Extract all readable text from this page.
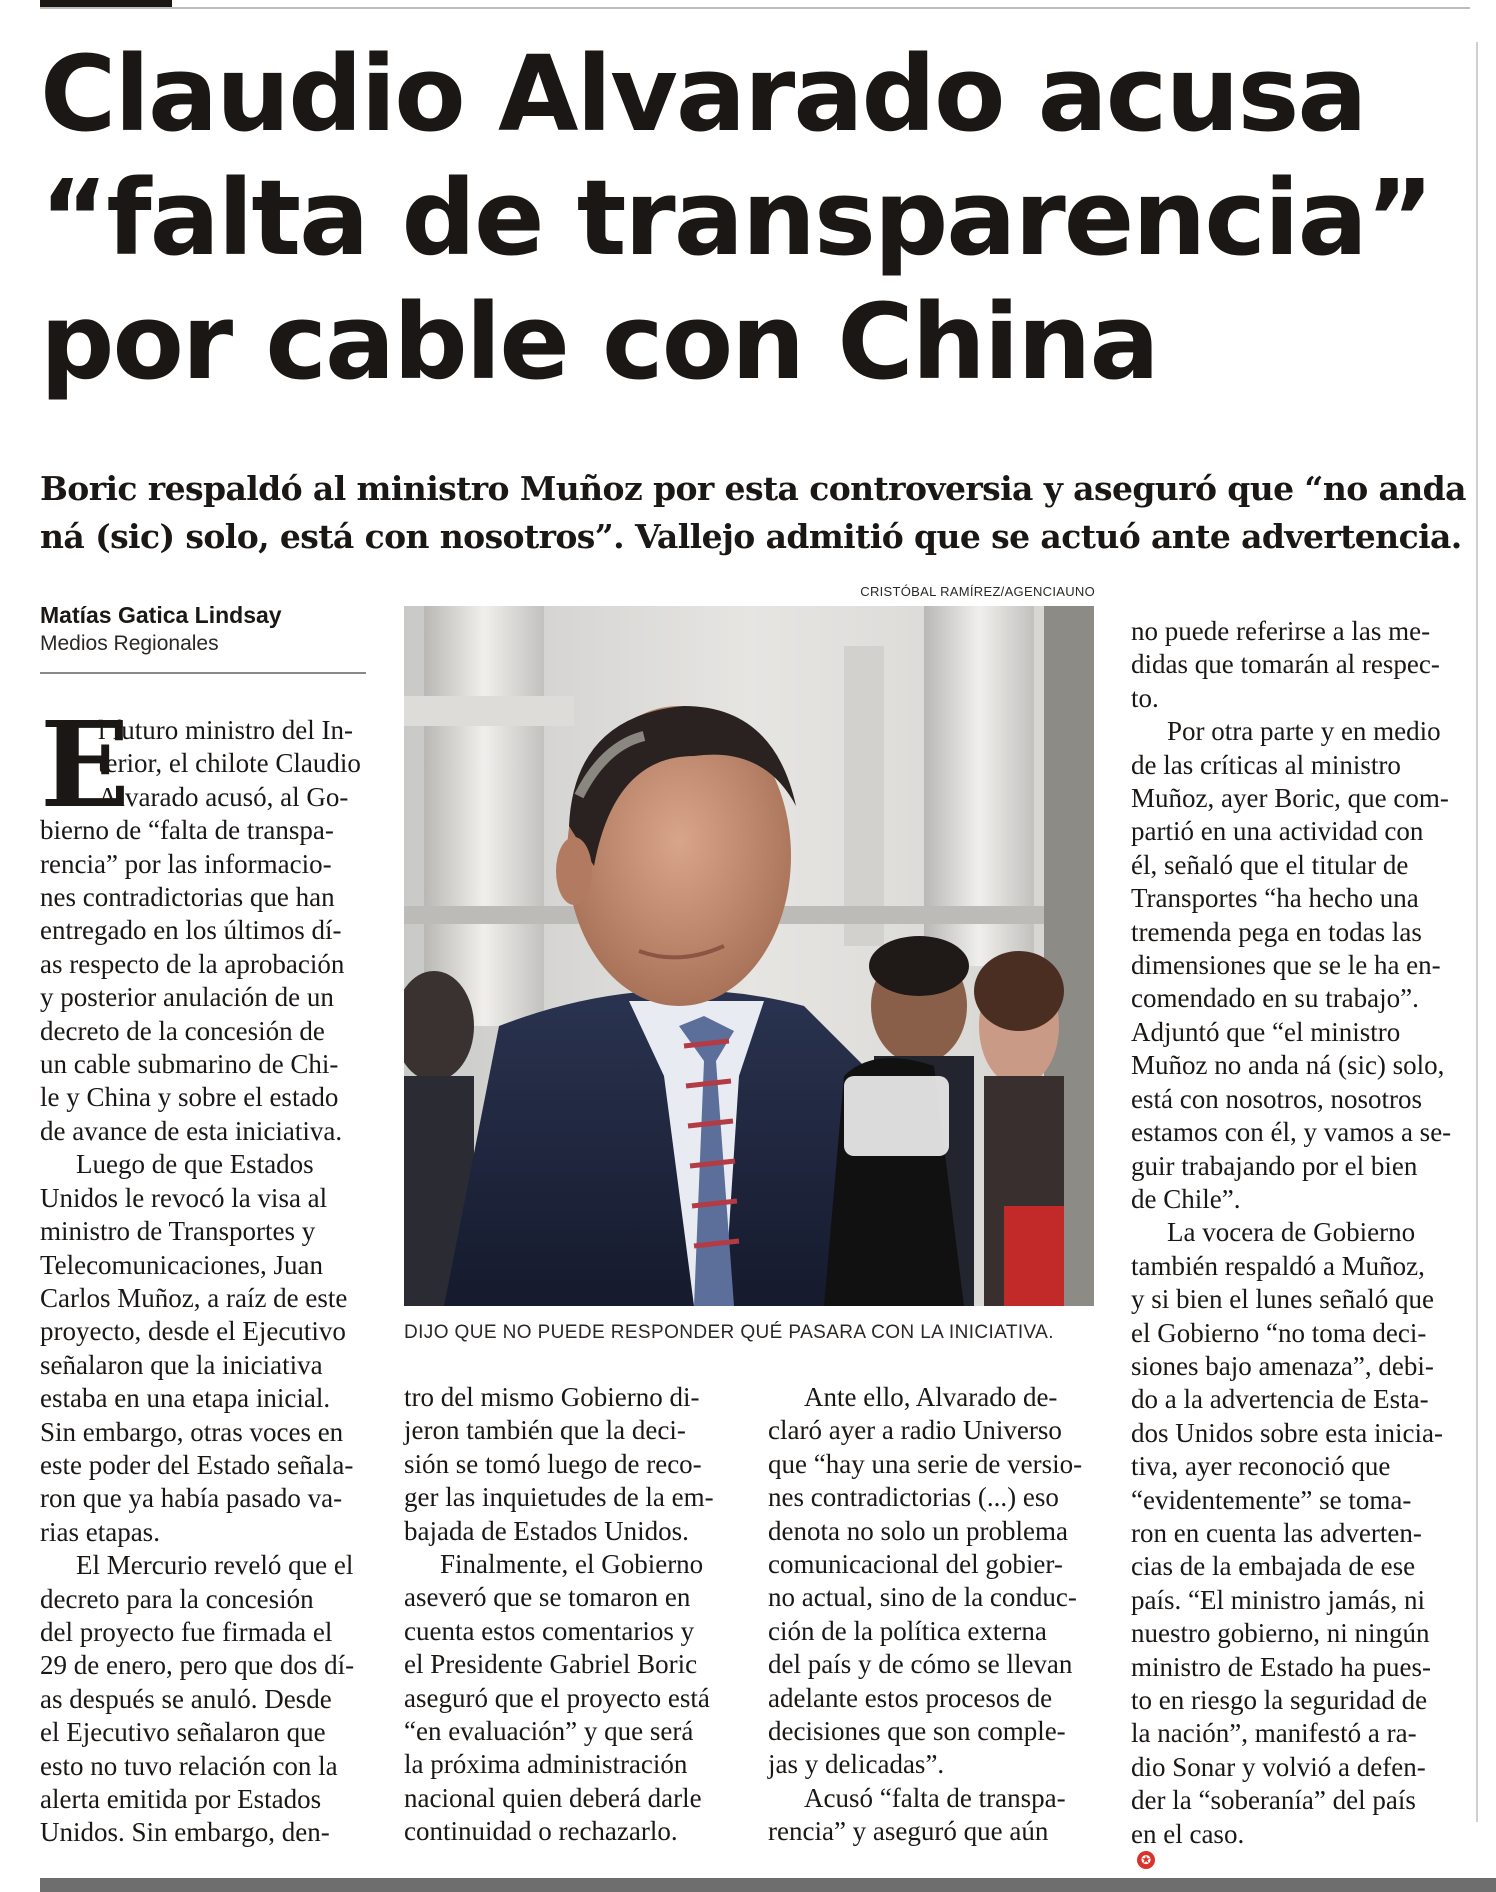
Claudio Alvarado acusa
“falta de transparencia”
por cable con China
Boric respaldó al ministro Muñoz por esta controversia y aseguró que “no anda
ná (sic) solo, está con nosotros”. Vallejo admitió que se actuó ante advertencia.
Matías Gatica Lindsay
Medios Regionales
CRISTÓBAL RAMÍREZ/AGENCIAUNO
DIJO QUE NO PUEDE RESPONDER QUÉ PASARA CON LA INICIATIVA.
E
l futuro ministro del In-
terior, el chilote Claudio
Alvarado acusó, al Go-
bierno de “falta de transpa-
rencia” por las informacio-
nes contradictorias que han
entregado en los últimos dí-
as respecto de la aprobación
y posterior anulación de un
decreto de la concesión de
un cable submarino de Chi-
le y China y sobre el estado
de avance de esta iniciativa.
Luego de que Estados
Unidos le revocó la visa al
ministro de Transportes y
Telecomunicaciones, Juan
Carlos Muñoz, a raíz de este
proyecto, desde el Ejecutivo
señalaron que la iniciativa
estaba en una etapa inicial.
Sin embargo, otras voces en
este poder del Estado señala-
ron que ya había pasado va-
rias etapas.
El Mercurio reveló que el
decreto para la concesión
del proyecto fue firmada el
29 de enero, pero que dos dí-
as después se anuló. Desde
el Ejecutivo señalaron que
esto no tuvo relación con la
alerta emitida por Estados
Unidos. Sin embargo, den-
tro del mismo Gobierno di-
jeron también que la deci-
sión se tomó luego de reco-
ger las inquietudes de la em-
bajada de Estados Unidos.
Finalmente, el Gobierno
aseveró que se tomaron en
cuenta estos comentarios y
el Presidente Gabriel Boric
aseguró que el proyecto está
“en evaluación” y que será
la próxima administración
nacional quien deberá darle
continuidad o rechazarlo.
Ante ello, Alvarado de-
claró ayer a radio Universo
que “hay una serie de versio-
nes contradictorias (...) eso
denota no solo un problema
comunicacional del gobier-
no actual, sino de la conduc-
ción de la política externa
del país y de cómo se llevan
adelante estos procesos de
decisiones que son comple-
jas y delicadas”.
Acusó “falta de transpa-
rencia” y aseguró que aún
no puede referirse a las me-
didas que tomarán al respec-
to.
Por otra parte y en medio
de las críticas al ministro
Muñoz, ayer Boric, que com-
partió en una actividad con
él, señaló que el titular de
Transportes “ha hecho una
tremenda pega en todas las
dimensiones que se le ha en-
comendado en su trabajo”.
Adjuntó que “el ministro
Muñoz no anda ná (sic) solo,
está con nosotros, nosotros
estamos con él, y vamos a se-
guir trabajando por el bien
de Chile”.
La vocera de Gobierno
también respaldó a Muñoz,
y si bien el lunes señaló que
el Gobierno “no toma deci-
siones bajo amenaza”, debi-
do a la advertencia de Esta-
dos Unidos sobre esta inicia-
tiva, ayer reconoció que
“evidentemente” se toma-
ron en cuenta las adverten-
cias de la embajada de ese
país. “El ministro jamás, ni
nuestro gobierno, ni ningún
ministro de Estado ha pues-
to en riesgo la seguridad de
la nación”, manifestó a ra-
dio Sonar y volvió a defen-
der la “soberanía” del país
en el caso.
✪
